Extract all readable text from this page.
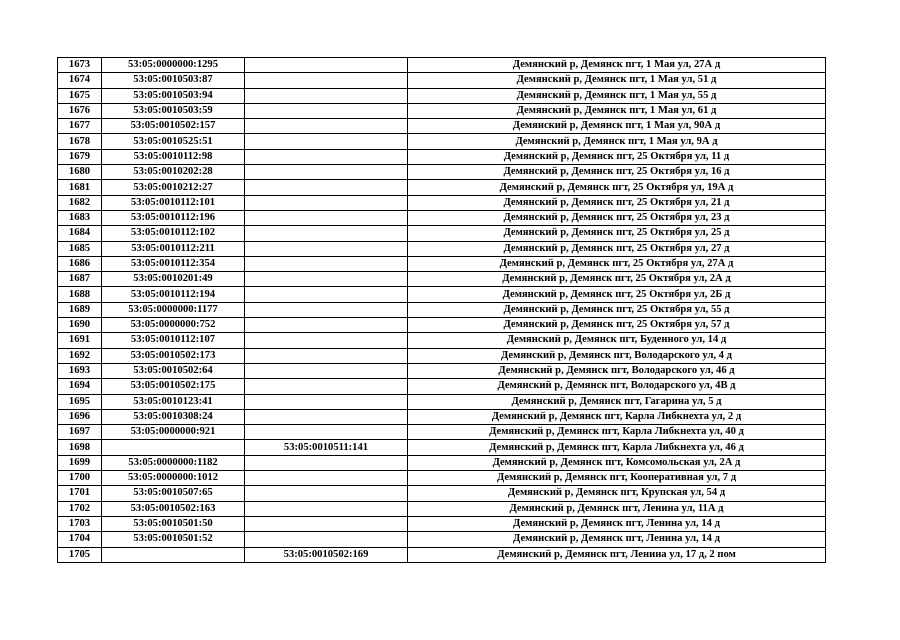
1673	53:05:0000000:1295		Демянский р, Демянск пгт, 1 Мая ул, 27А д
1674	53:05:0010503:87		Демянский р, Демянск пгт, 1 Мая ул, 51 д
1675	53:05:0010503:94		Демянский р, Демянск пгт, 1 Мая ул, 55 д
1676	53:05:0010503:59		Демянский р, Демянск пгт, 1 Мая ул, 61 д
1677	53:05:0010502:157		Демянский р, Демянск пгт, 1 Мая ул, 90А д
1678	53:05:0010525:51		Демянский р, Демянск пгт, 1 Мая ул, 9А д
1679	53:05:0010112:98		Демянский р, Демянск пгт, 25 Октября ул, 11 д
1680	53:05:0010202:28		Демянский р, Демянск пгт, 25 Октября ул, 16 д
1681	53:05:0010212:27		Демянский р, Демянск пгт, 25 Октября ул, 19А д
1682	53:05:0010112:101		Демянский р, Демянск пгт, 25 Октября ул, 21 д
1683	53:05:0010112:196		Демянский р, Демянск пгт, 25 Октября ул, 23 д
1684	53:05:0010112:102		Демянский р, Демянск пгт, 25 Октября ул, 25 д
1685	53:05:0010112:211		Демянский р, Демянск пгт, 25 Октября ул, 27 д
1686	53:05:0010112:354		Демянский р, Демянск пгт, 25 Октября ул, 27А д
1687	53:05:0010201:49		Демянский р, Демянск пгт, 25 Октября ул, 2А д
1688	53:05:0010112:194		Демянский р, Демянск пгт, 25 Октября ул, 2Б д
1689	53:05:0000000:1177		Демянский р, Демянск пгт, 25 Октября ул, 55 д
1690	53:05:0000000:752		Демянский р, Демянск пгт, 25 Октября ул, 57 д
1691	53:05:0010112:107		Демянский р, Демянск пгт, Буденного ул, 14 д
1692	53:05:0010502:173		Демянский р, Демянск пгт, Володарского ул, 4 д
1693	53:05:0010502:64		Демянский р, Демянск пгт, Володарского ул, 46 д
1694	53:05:0010502:175		Демянский р, Демянск пгт, Володарского ул, 4В д
1695	53:05:0010123:41		Демянский р, Демянск пгт, Гагарина ул, 5 д
1696	53:05:0010308:24		Демянский р, Демянск пгт, Карла Либкнехта ул, 2 д
1697	53:05:0000000:921		Демянский р, Демянск пгт, Карла Либкнехта ул, 40 д
1698		53:05:0010511:141	Демянский р, Демянск пгт, Карла Либкнехта ул, 46 д
1699	53:05:0000000:1182		Демянский р, Демянск пгт, Комсомольская ул, 2А д
1700	53:05:0000000:1012		Демянский р, Демянск пгт, Кооперативная ул, 7 д
1701	53:05:0010507:65		Демянский р, Демянск пгт, Крупская ул, 54 д
1702	53:05:0010502:163		Демянский р, Демянск пгт, Ленина ул, 11А д
1703	53:05:0010501:50		Демянский р, Демянск пгт, Ленина ул, 14 д
1704	53:05:0010501:52		Демянский р, Демянск пгт, Ленина ул, 14 д
1705		53:05:0010502:169	Демянский р, Демянск пгт, Ленина ул, 17 д, 2 пом
